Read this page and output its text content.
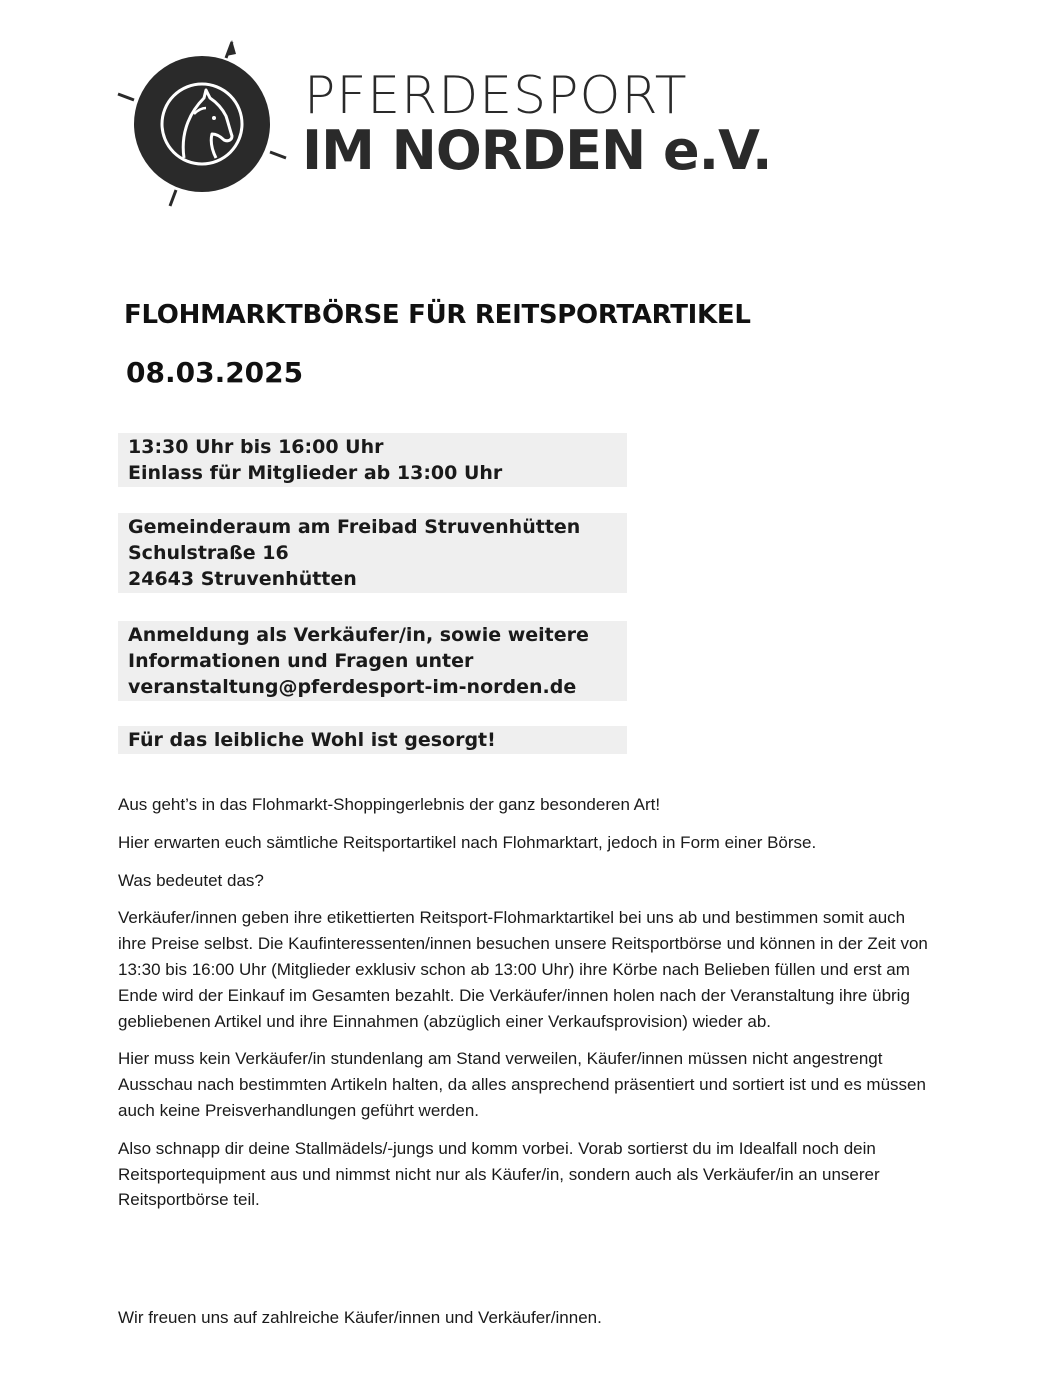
PFERDESPORT
IM NORDEN e.V.
FLOHMARKTBÖRSE FÜR REITSPORTARTIKEL
08.03.2025
13:30 Uhr bis 16:00 Uhr
Einlass für Mitglieder ab 13:00 Uhr
Gemeinderaum am Freibad Struvenhütten
Schulstraße 16
24643 Struvenhütten
Anmeldung als Verkäufer/in, sowie weitere
Informationen und Fragen unter
veranstaltung@pferdesport-im-norden.de
Für das leibliche Wohl ist gesorgt!

Aus geht’s in das Flohmarkt-Shoppingerlebnis der ganz besonderen Art!

Hier erwarten euch sämtliche Reitsportartikel nach Flohmarktart, jedoch in Form einer Börse.

Was bedeutet das?

Verkäufer/innen geben ihre etikettierten Reitsport-Flohmarktartikel bei uns ab und bestimmen somit auch ihre Preise selbst. Die Kaufinteressenten/innen besuchen unsere Reitsportbörse und können in der Zeit von 13:30 bis 16:00 Uhr (Mitglieder exklusiv schon ab 13:00 Uhr) ihre Körbe nach Belieben füllen und erst am Ende wird der Einkauf im Gesamten bezahlt. Die Verkäufer/innen holen nach der Veranstaltung ihre übrig gebliebenen Artikel und ihre Einnahmen (abzüglich einer Verkaufsprovision) wieder ab.

Hier muss kein Verkäufer/in stundenlang am Stand verweilen, Käufer/innen müssen nicht angestrengt Ausschau nach bestimmten Artikeln halten, da alles ansprechend präsentiert und sortiert ist und es müssen auch keine Preisverhandlungen geführt werden.

Also schnapp dir deine Stallmädels/-jungs und komm vorbei. Vorab sortierst du im Idealfall noch dein Reitsportequipment aus und nimmst nicht nur als Käufer/in, sondern auch als Verkäufer/in an unserer Reitsportbörse teil.

Wir freuen uns auf zahlreiche Käufer/innen und Verkäufer/innen.
